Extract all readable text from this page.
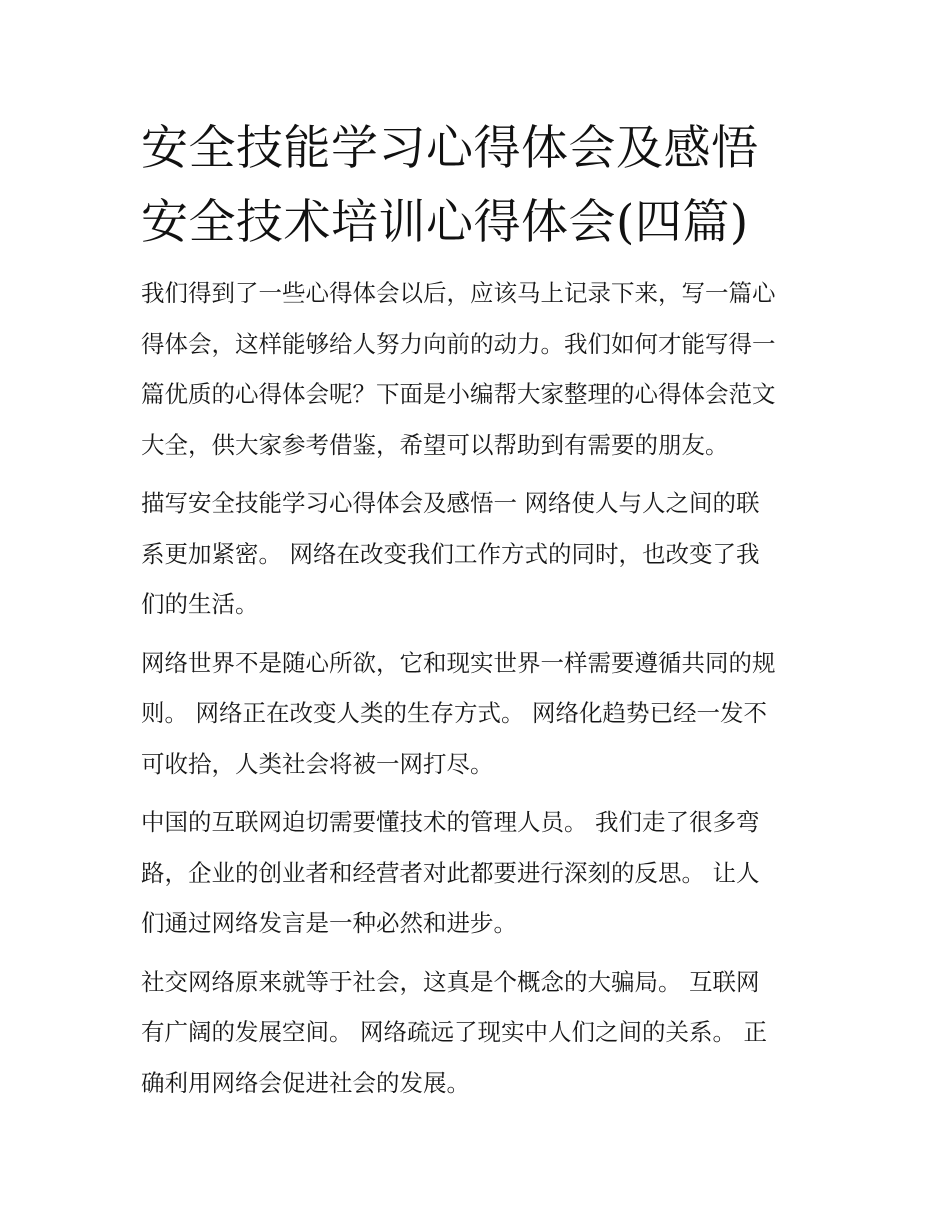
安全技能学习心得体会及感悟
安全技术培训心得体会(四篇)
我们得到了一些心得体会以后，应该马上记录下来，写一篇心
得体会，这样能够给人努力向前的动力。我们如何才能写得一
篇优质的心得体会呢？下面是小编帮大家整理的心得体会范文
大全，供大家参考借鉴，希望可以帮助到有需要的朋友。
描写安全技能学习心得体会及感悟一 网络使人与人之间的联
系更加紧密。 网络在改变我们工作方式的同时，也改变了我
们的生活。
网络世界不是随心所欲，它和现实世界一样需要遵循共同的规
则。 网络正在改变人类的生存方式。 网络化趋势已经一发不
可收拾，人类社会将被一网打尽。
中国的互联网迫切需要懂技术的管理人员。 我们走了很多弯
路，企业的创业者和经营者对此都要进行深刻的反思。 让人
们通过网络发言是一种必然和进步。
社交网络原来就等于社会，这真是个概念的大骗局。 互联网
有广阔的发展空间。 网络疏远了现实中人们之间的关系。 正
确利用网络会促进社会的发展。
